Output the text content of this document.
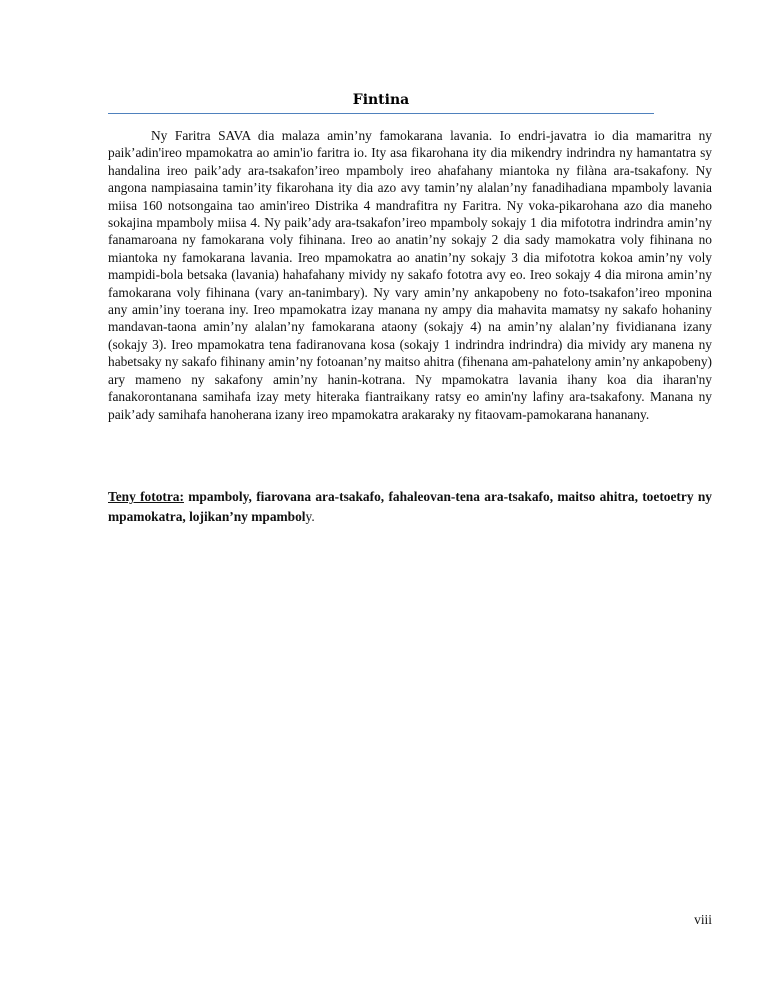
Fintina

Ny Faritra SAVA dia malaza amin’ny famokarana lavania. Io endri-javatra io dia mamaritra ny paik’adin'ireo mpamokatra ao amin'io faritra io. Ity asa fikarohana ity dia mikendry indrindra ny hamantatra sy handalina ireo paik’ady ara-tsakafon’ireo mpamboly ireo ahafahany miantoka ny filàna ara-tsakafony. Ny angona nampiasaina tamin’ity fikarohana ity dia azo avy tamin’ny alalan’ny fanadihadiana mpamboly lavania miisa 160 notsongaina tao amin'ireo Distrika 4 mandrafitra ny Faritra. Ny voka-pikarohana azo dia maneho sokajina mpamboly miisa 4. Ny paik’ady ara-tsakafon’ireo mpamboly sokajy 1 dia mifototra indrindra amin’ny fanamaroana ny famokarana voly fihinana. Ireo ao anatin’ny sokajy 2 dia sady mamokatra voly fihinana no miantoka ny famokarana lavania. Ireo mpamokatra ao anatin’ny sokajy 3 dia mifototra kokoa amin’ny voly mampidi-bola betsaka (lavania) hahafahany mividy ny sakafo fototra avy eo. Ireo sokajy 4 dia mirona amin’ny famokarana voly fihinana (vary an-tanimbary). Ny vary amin’ny ankapobeny no foto-tsakafon’ireo mponina any amin’iny toerana iny. Ireo mpamokatra izay manana ny ampy dia mahavita mamatsy ny sakafo hohaniny mandavan-taona amin’ny alalan’ny famokarana ataony (sokajy 4) na amin’ny alalan’ny fividianana izany (sokajy 3). Ireo mpamokatra tena fadiranovana kosa (sokajy 1 indrindra indrindra) dia mividy ary manena ny habetsaky ny sakafo fihinany amin’ny fotoanan’ny maitso ahitra (fihenana am-pahatelony amin’ny ankapobeny) ary mameno ny sakafony amin’ny hanin-kotrana. Ny mpamokatra lavania ihany koa dia iharan'ny fanakorontanana samihafa izay mety hiteraka fiantraikany ratsy eo amin'ny lafiny ara-tsakafony. Manana ny paik’ady samihafa hanoherana izany ireo mpamokatra arakaraky ny fitaovam-pamokarana hananany.

Teny fototra: mpamboly, fiarovana ara-tsakafo, fahaleovan-tena ara-tsakafo, maitso ahitra, toetoetry ny mpamokatra, lojikan’ny mpamboly.

viii
